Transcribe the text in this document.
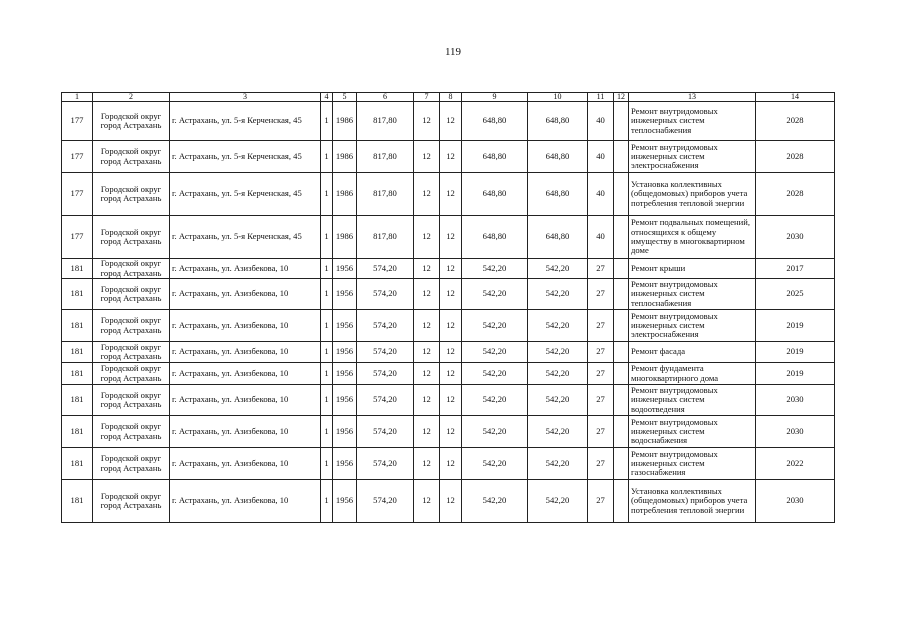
119
1	2	3	4	5	6	7	8	9	10	11	12	13	14
177	Городской округ город Астрахань	г. Астрахань, ул. 5-я Керченская, 45	1	1986	817,80	12	12	648,80	648,80	40		Ремонт внутридомовых инженерных систем теплоснабжения	2028
177	Городской округ город Астрахань	г. Астрахань, ул. 5-я Керченская, 45	1	1986	817,80	12	12	648,80	648,80	40		Ремонт внутридомовых инженерных систем электроснабжения	2028
177	Городской округ город Астрахань	г. Астрахань, ул. 5-я Керченская, 45	1	1986	817,80	12	12	648,80	648,80	40		Установка коллективных (общедомовых) приборов учета потребления тепловой энергии	2028
177	Городской округ город Астрахань	г. Астрахань, ул. 5-я Керченская, 45	1	1986	817,80	12	12	648,80	648,80	40		Ремонт подвальных помещений, относящихся к общему имуществу в многоквартирном доме	2030
181	Городской округ город Астрахань	г. Астрахань, ул. Азизбекова, 10	1	1956	574,20	12	12	542,20	542,20	27		Ремонт крыши	2017
181	Городской округ город Астрахань	г. Астрахань, ул. Азизбекова, 10	1	1956	574,20	12	12	542,20	542,20	27		Ремонт внутридомовых инженерных систем теплоснабжения	2025
181	Городской округ город Астрахань	г. Астрахань, ул. Азизбекова, 10	1	1956	574,20	12	12	542,20	542,20	27		Ремонт внутридомовых инженерных систем электроснабжения	2019
181	Городской округ город Астрахань	г. Астрахань, ул. Азизбекова, 10	1	1956	574,20	12	12	542,20	542,20	27		Ремонт фасада	2019
181	Городской округ город Астрахань	г. Астрахань, ул. Азизбекова, 10	1	1956	574,20	12	12	542,20	542,20	27		Ремонт фундамента многоквартирного дома	2019
181	Городской округ город Астрахань	г. Астрахань, ул. Азизбекова, 10	1	1956	574,20	12	12	542,20	542,20	27		Ремонт внутридомовых инженерных систем водоотведения	2030
181	Городской округ город Астрахань	г. Астрахань, ул. Азизбекова, 10	1	1956	574,20	12	12	542,20	542,20	27		Ремонт внутридомовых инженерных систем водоснабжения	2030
181	Городской округ город Астрахань	г. Астрахань, ул. Азизбекова, 10	1	1956	574,20	12	12	542,20	542,20	27		Ремонт внутридомовых инженерных систем газоснабжения	2022
181	Городской округ город Астрахань	г. Астрахань, ул. Азизбекова, 10	1	1956	574,20	12	12	542,20	542,20	27		Установка коллективных (общедомовых) приборов учета потребления тепловой энергии	2030
